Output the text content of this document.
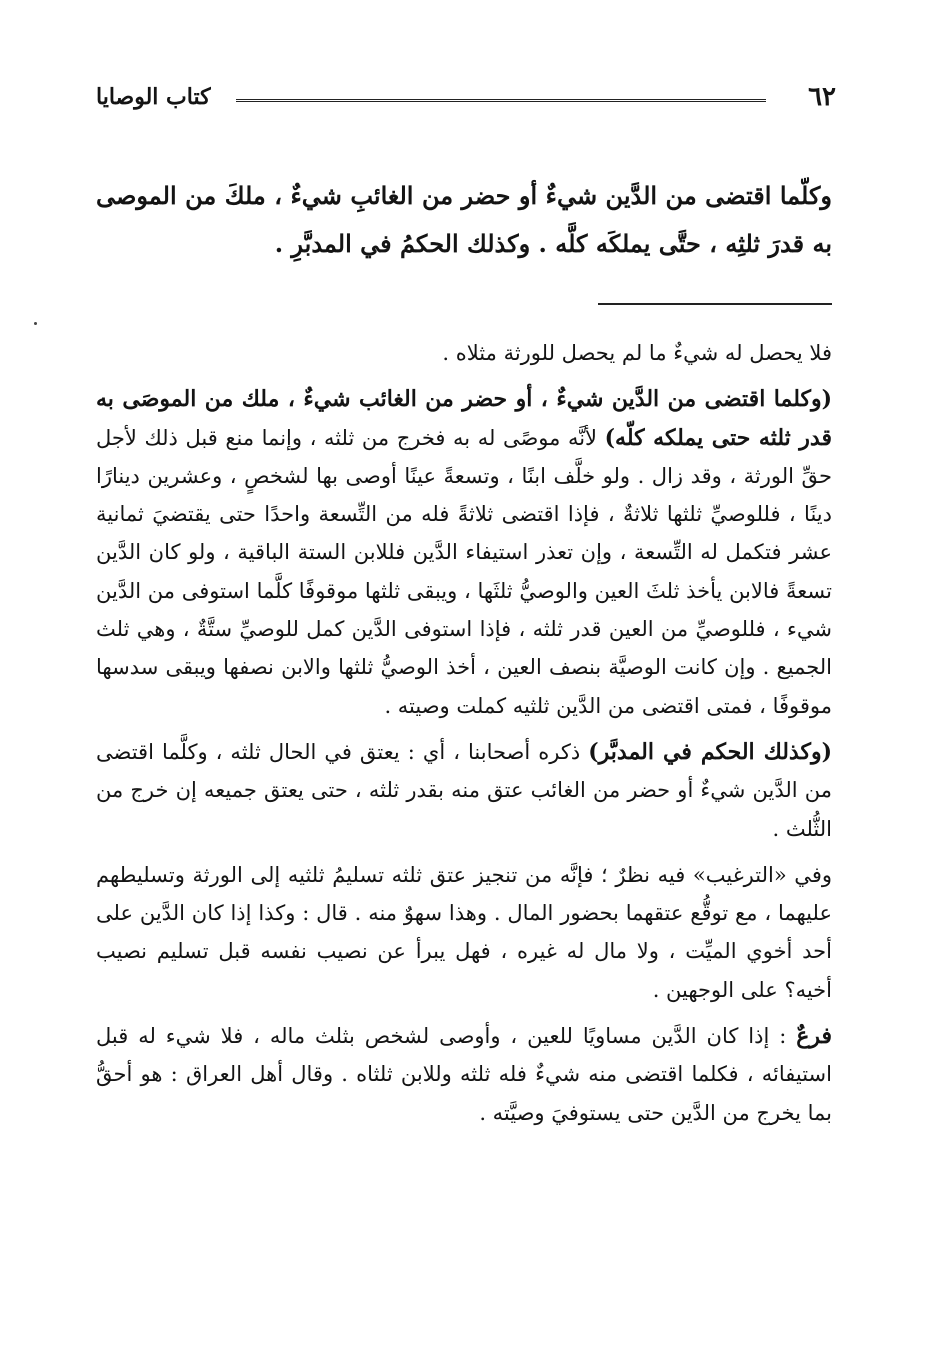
٦٢
كتاب الوصايا
وكلّما اقتضى من الدَّين شيءٌ أو حضر من الغائبِ شيءٌ ، ملكَ من الموصى به قدرَ ثلثِه ، حتَّى يملكَه كلَّه . وكذلك الحكمُ في المدبَّرِ .

فلا يحصل له شيءٌ ما لم يحصل للورثة مثلاه .

(وكلما اقتضى من الدَّين شيءٌ ، أو حضر من الغائب شيءٌ ، ملك من الموصَى به قدر ثلثه حتى يملكه كلّه) لأنَّه موصًى له به فخرج من ثلثه ، وإنما منع قبل ذلك لأجل حقِّ الورثة ، وقد زال . ولو خلَّف ابنًا ، وتسعةً عينًا أوصى بها لشخصٍ ، وعشرين دينارًا دينًا ، فللوصيِّ ثلثها ثلاثةٌ ، فإذا اقتضى ثلاثةً فله من التِّسعة واحدًا حتى يقتضيَ ثمانية عشر فتكمل له التِّسعة ، وإن تعذر استيفاء الدَّين فللابن الستة الباقية ، ولو كان الدَّين تسعةً فالابن يأخذ ثلثَ العين والوصيُّ ثلثَها ، ويبقى ثلثها موقوفًا كلَّما استوفى من الدَّين شيء ، فللوصيِّ من العين قدر ثلثه ، فإذا استوفى الدَّين كمل للوصيِّ ستَّةٌ ، وهي ثلث الجميع . وإن كانت الوصيَّة بنصف العين ، أخذ الوصيُّ ثلثها والابن نصفها ويبقى سدسها موقوفًا ، فمتى اقتضى من الدَّين ثلثيه كملت وصيته .

(وكذلك الحكم في المدبَّر) ذكره أصحابنا ، أي : يعتق في الحال ثلثه ، وكلَّما اقتضى من الدَّين شيءٌ أو حضر من الغائب عتق منه بقدر ثلثه ، حتى يعتق جميعه إن خرج من الثُّلث .

وفي «الترغيب» فيه نظرٌ ؛ فإنَّه من تنجيز عتق ثلثه تسليمُ ثلثيه إلى الورثة وتسليطهم عليهما ، مع توقُّع عتقهما بحضور المال . وهذا سهوٌ منه . قال : وكذا إذا كان الدَّين على أحد أخوي الميِّت ، ولا مال له غيره ، فهل يبرأ عن نصيب نفسه قبل تسليم نصيب أخيه؟ على الوجهين .

فرعٌ : إذا كان الدَّين مساويًا للعين ، وأوصى لشخص بثلث ماله ، فلا شيء له قبل استيفائه ، فكلما اقتضى منه شيءٌ فله ثلثه وللابن ثلثاه . وقال أهل العراق : هو أحقُّ بما يخرج من الدَّين حتى يستوفيَ وصيَّته .
